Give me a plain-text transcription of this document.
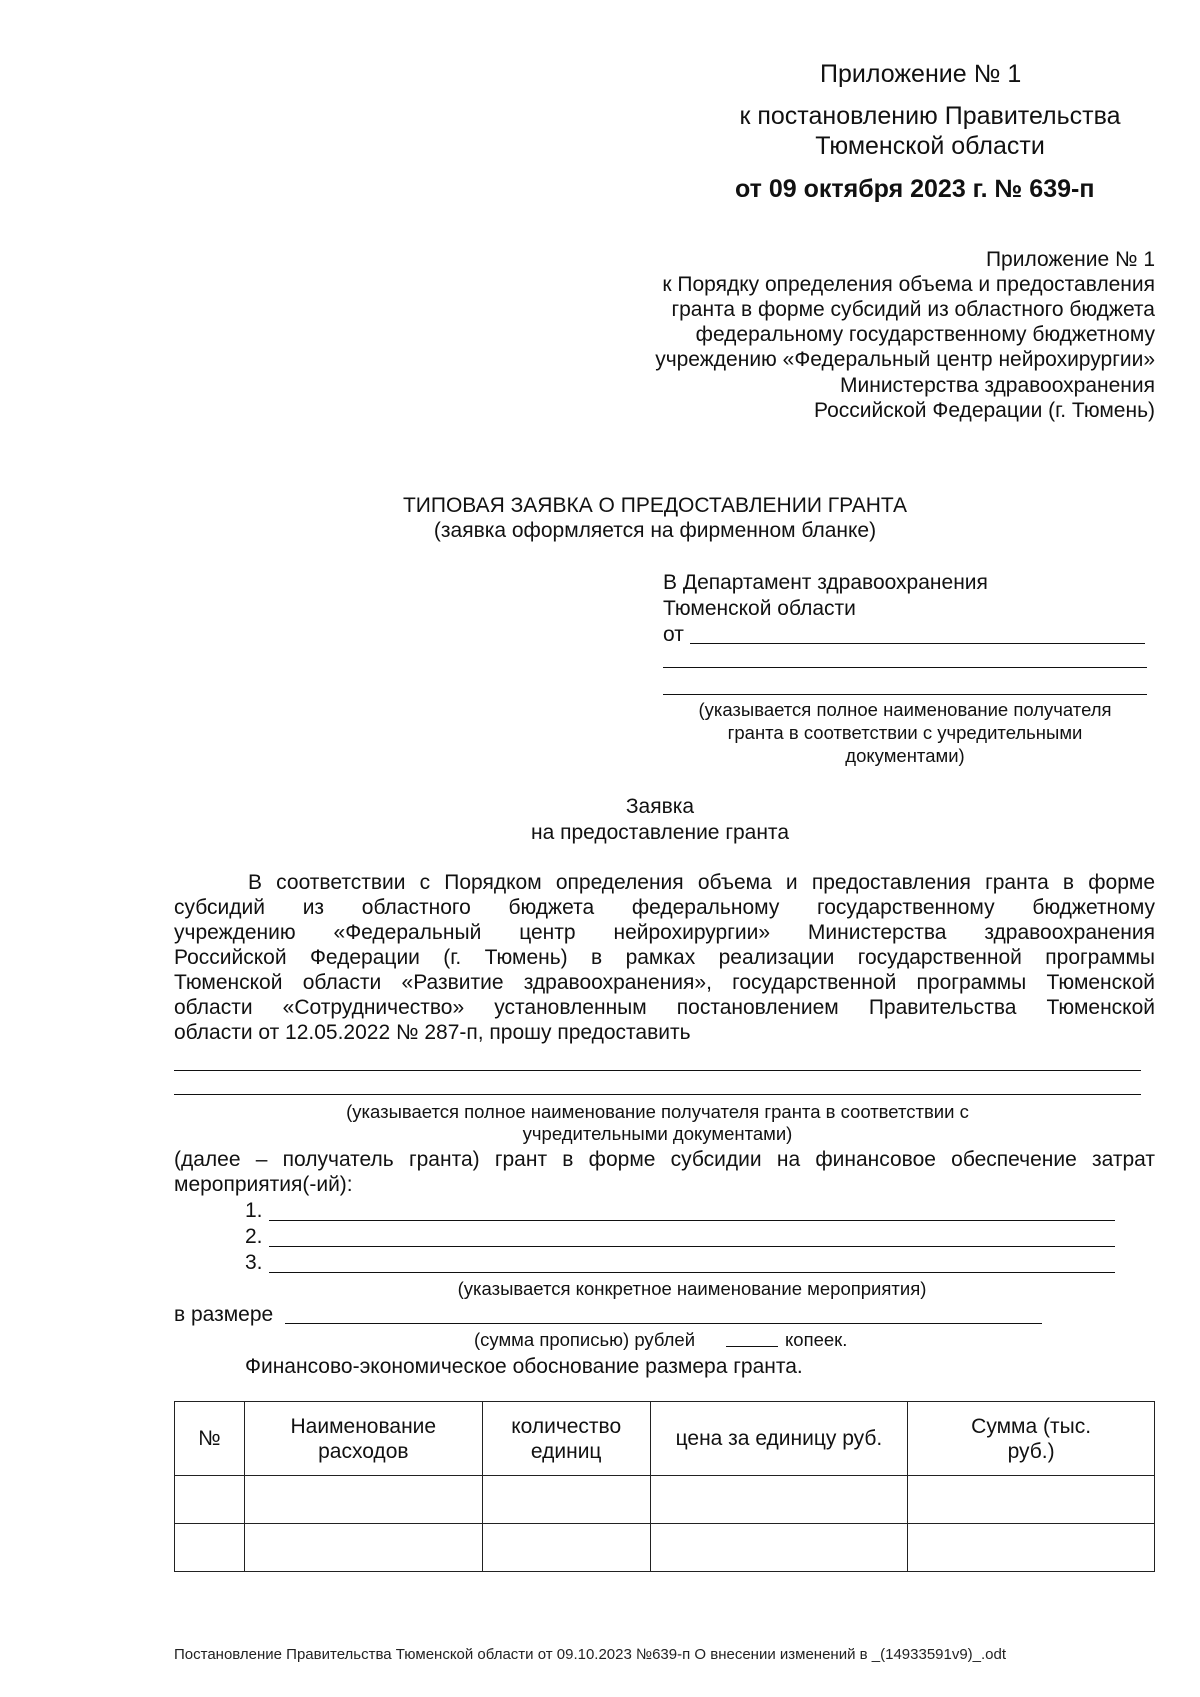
Приложение № 1
к постановлению Правительства
Тюменской области
от 09 октября 2023 г. № 639-п
Приложение № 1
к Порядку определения объема и предоставления
гранта в форме субсидий из областного бюджета
федеральному государственному бюджетному
учреждению «Федеральный центр нейрохирургии»
Министерства здравоохранения
Российской Федерации (г. Тюмень)
ТИПОВАЯ ЗАЯВКА О ПРЕДОСТАВЛЕНИИ ГРАНТА
(заявка оформляется на фирменном бланке)
В Департамент здравоохранения
Тюменской области
от
(указывается полное наименование получателя
гранта в соответствии с учредительными
документами)
Заявка
на предоставление гранта
В соответствии с Порядком определения объема и предоставления гранта в форме
субсидий из областного бюджета федеральному государственному бюджетному
учреждению «Федеральный центр нейрохирургии» Министерства здравоохранения
Российской Федерации (г. Тюмень) в рамках реализации государственной программы
Тюменской области «Развитие здравоохранения», государственной программы Тюменской
области «Сотрудничество» установленным постановлением Правительства Тюменской
области от 12.05.2022 № 287-п, прошу предоставить
(указывается полное наименование получателя гранта в соответствии с
учредительными документами)
(далее – получатель гранта) грант в форме субсидии на финансовое обеспечение затрат
мероприятия(-ий):
1.
2.
3.
(указывается конкретное наименование мероприятия)
в размере
(сумма прописью) рублей	копеек.
Финансово-экономическое обоснование размера гранта.
№	Наименование расходов	количество единиц	цена за единицу руб.	Сумма (тыс. руб.)

Постановление Правительства Тюменской области от 09.10.2023 №639-п О внесении изменений в _(14933591v9)_.odt
